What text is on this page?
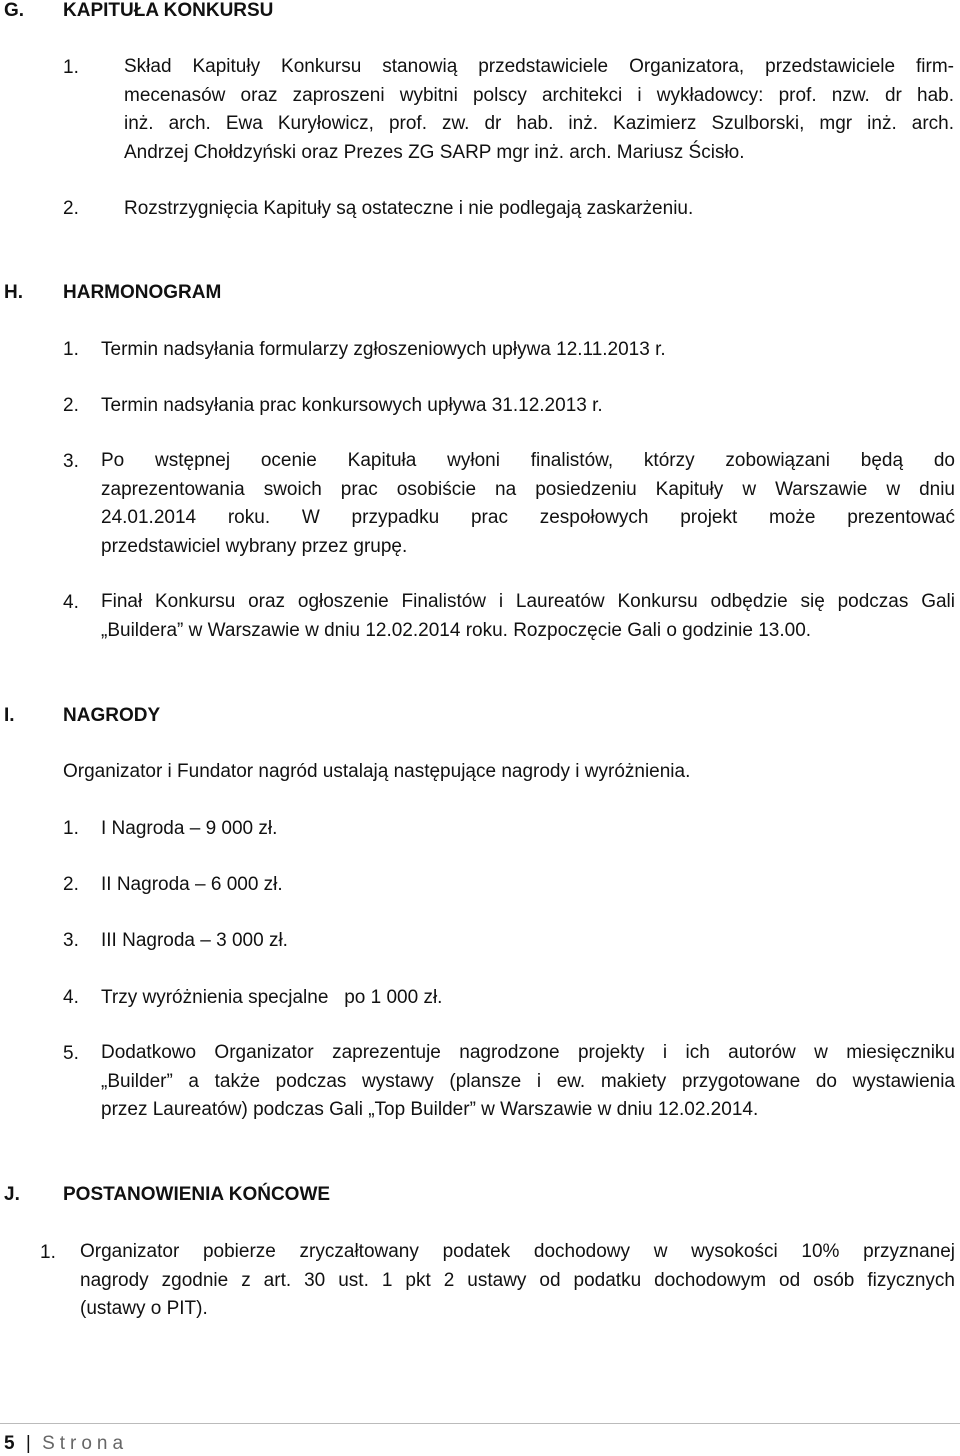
G. KAPITUŁA KONKURSU

1. Skład Kapituły Konkursu stanowią przedstawiciele Organizatora, przedstawiciele firm-
mecenasów oraz zaproszeni wybitni polscy architekci i wykładowcy: prof. nzw. dr hab.
inż. arch. Ewa Kuryłowicz, prof. zw. dr hab. inż. Kazimierz Szulborski, mgr inż. arch.
Andrzej Chołdzyński oraz Prezes ZG SARP mgr inż. arch. Mariusz Ścisło.

2. Rozstrzygnięcia Kapituły są ostateczne i nie podlegają zaskarżeniu.

H. HARMONOGRAM

1. Termin nadsyłania formularzy zgłoszeniowych upływa 12.11.2013 r.

2. Termin nadsyłania prac konkursowych upływa 31.12.2013 r.

3. Po wstępnej ocenie Kapituła wyłoni finalistów, którzy zobowiązani będą do
zaprezentowania swoich prac osobiście na posiedzeniu Kapituły w Warszawie w dniu
24.01.2014 roku. W przypadku prac zespołowych projekt może prezentować
przedstawiciel wybrany przez grupę.

4. Finał Konkursu oraz ogłoszenie Finalistów i Laureatów Konkursu odbędzie się podczas Gali
„Buildera” w Warszawie w dniu 12.02.2014 roku. Rozpoczęcie Gali o godzinie 13.00.

I.	NAGRODY

Organizator i Fundator nagród ustalają następujące nagrody i wyróżnienia.

1. I Nagroda – 9 000 zł.

2. II Nagroda – 6 000 zł.

3. III Nagroda – 3 000 zł.

4. Trzy wyróżnienia specjalne   po 1 000 zł.

5. Dodatkowo Organizator zaprezentuje nagrodzone projekty i ich autorów w miesięczniku
„Builder” a także podczas wystawy (plansze i ew. makiety przygotowane do wystawienia
przez Laureatów) podczas Gali „Top Builder” w Warszawie w dniu 12.02.2014.

J. POSTANOWIENIA KOŃCOWE

1. Organizator pobierze zryczałtowany podatek dochodowy w wysokości 10% przyznanej
nagrody zgodnie z art. 30 ust. 1 pkt 2 ustawy od podatku dochodowym od osób fizycznych
(ustawy o PIT).
5 | Strona
